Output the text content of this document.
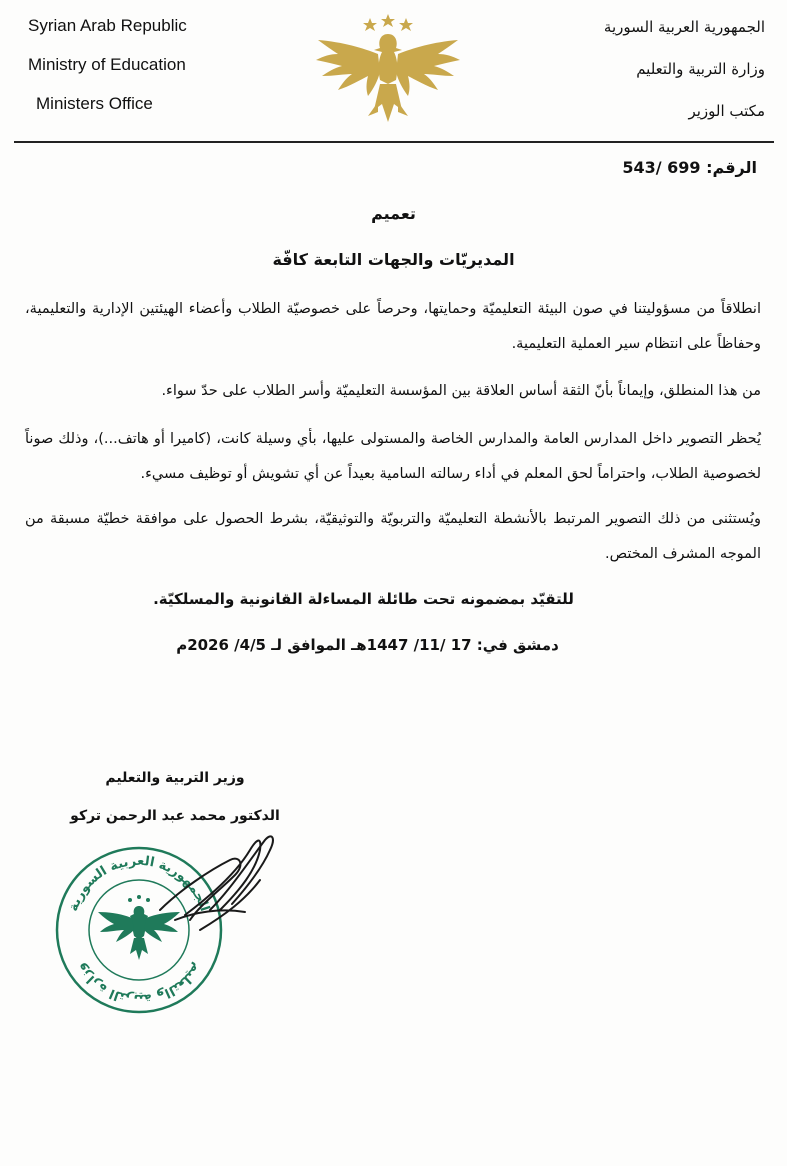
Syrian Arab Republic
Ministry of Education
Ministers Office
الجمهورية العربية السورية
وزارة التربية والتعليم
مكتب الوزير
الرقم: 699 /543
تعميم
المديريّات والجهات التابعة كافّة
انطلاقاً من مسؤوليتنا في صون البيئة التعليميّة وحمايتها، وحرصاً على خصوصيّة الطلاب وأعضاء الهيئتين الإدارية والتعليمية، وحفاظاً على انتظام سير العملية التعليمية.
من هذا المنطلق، وإيماناً بأنّ الثقة أساس العلاقة بين المؤسسة التعليميّة وأسر الطلاب على حدّ سواء.
يُحظر التصوير داخل المدارس العامة والمدارس الخاصة والمستولى عليها، بأي وسيلة كانت، (كاميرا أو هاتف...)، وذلك صوناً لخصوصية الطلاب، واحتراماً لحق المعلم في أداء رسالته السامية بعيداً عن أي تشويش أو توظيف مسيء.
ويُستثنى من ذلك التصوير المرتبط بالأنشطة التعليميّة والتربويّة والتوثيقيّة، بشرط الحصول على موافقة خطيّة مسبقة من الموجه المشرف المختص.
للتقيّد بمضمونه تحت طائلة المساءلة القانونية والمسلكيّة.
دمشق في: 17 /11/ 1447هـ الموافق لـ 4/5/ 2026م
وزير التربية والتعليم
الدكتور محمد عبد الرحمن تركو
الجمهورية العربية السورية
وزارة التربية والتعليم
